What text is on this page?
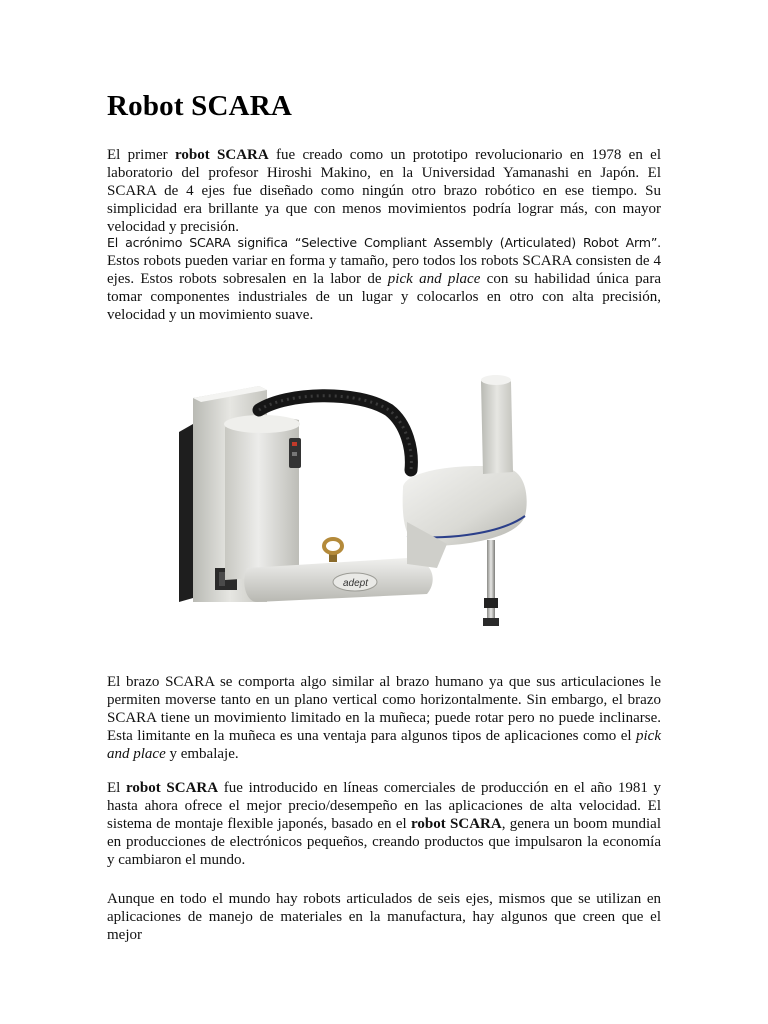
Robot SCARA

El primer robot SCARA fue creado como un prototipo revolucionario en 1978 en el laboratorio del profesor Hiroshi Makino, en la Universidad Yamanashi en Japón. El SCARA de 4 ejes fue diseñado como ningún otro brazo robótico en ese tiempo. Su simplicidad era brillante ya que con menos movimientos podría lograr más, con mayor velocidad y precisión.

El acrónimo SCARA significa “Selective Compliant Assembly (Articulated) Robot Arm”. Estos robots pueden variar en forma y tamaño, pero todos los robots SCARA consisten de 4 ejes. Estos robots sobresalen en la labor de pick and place con su habilidad única para tomar componentes industriales de un lugar y colocarlos en otro con alta precisión, velocidad y un movimiento suave.

adept

El brazo SCARA se comporta algo similar al brazo humano ya que sus articulaciones le permiten moverse tanto en un plano vertical como horizontalmente. Sin embargo, el brazo SCARA tiene un movimiento limitado en la muñeca; puede rotar pero no puede inclinarse. Esta limitante en la muñeca es una ventaja para algunos tipos de aplicaciones como el pick and place y embalaje.

El robot SCARA fue introducido en líneas comerciales de producción en el año 1981 y hasta ahora ofrece el mejor precio/desempeño en las aplicaciones de alta velocidad. El sistema de montaje flexible japonés, basado en el robot SCARA, genera un boom mundial en producciones de electrónicos pequeños, creando productos que impulsaron la economía y cambiaron el mundo.

Aunque en todo el mundo hay robots articulados de seis ejes, mismos que se utilizan en aplicaciones de manejo de materiales en la manufactura, hay algunos que creen que el mejor
